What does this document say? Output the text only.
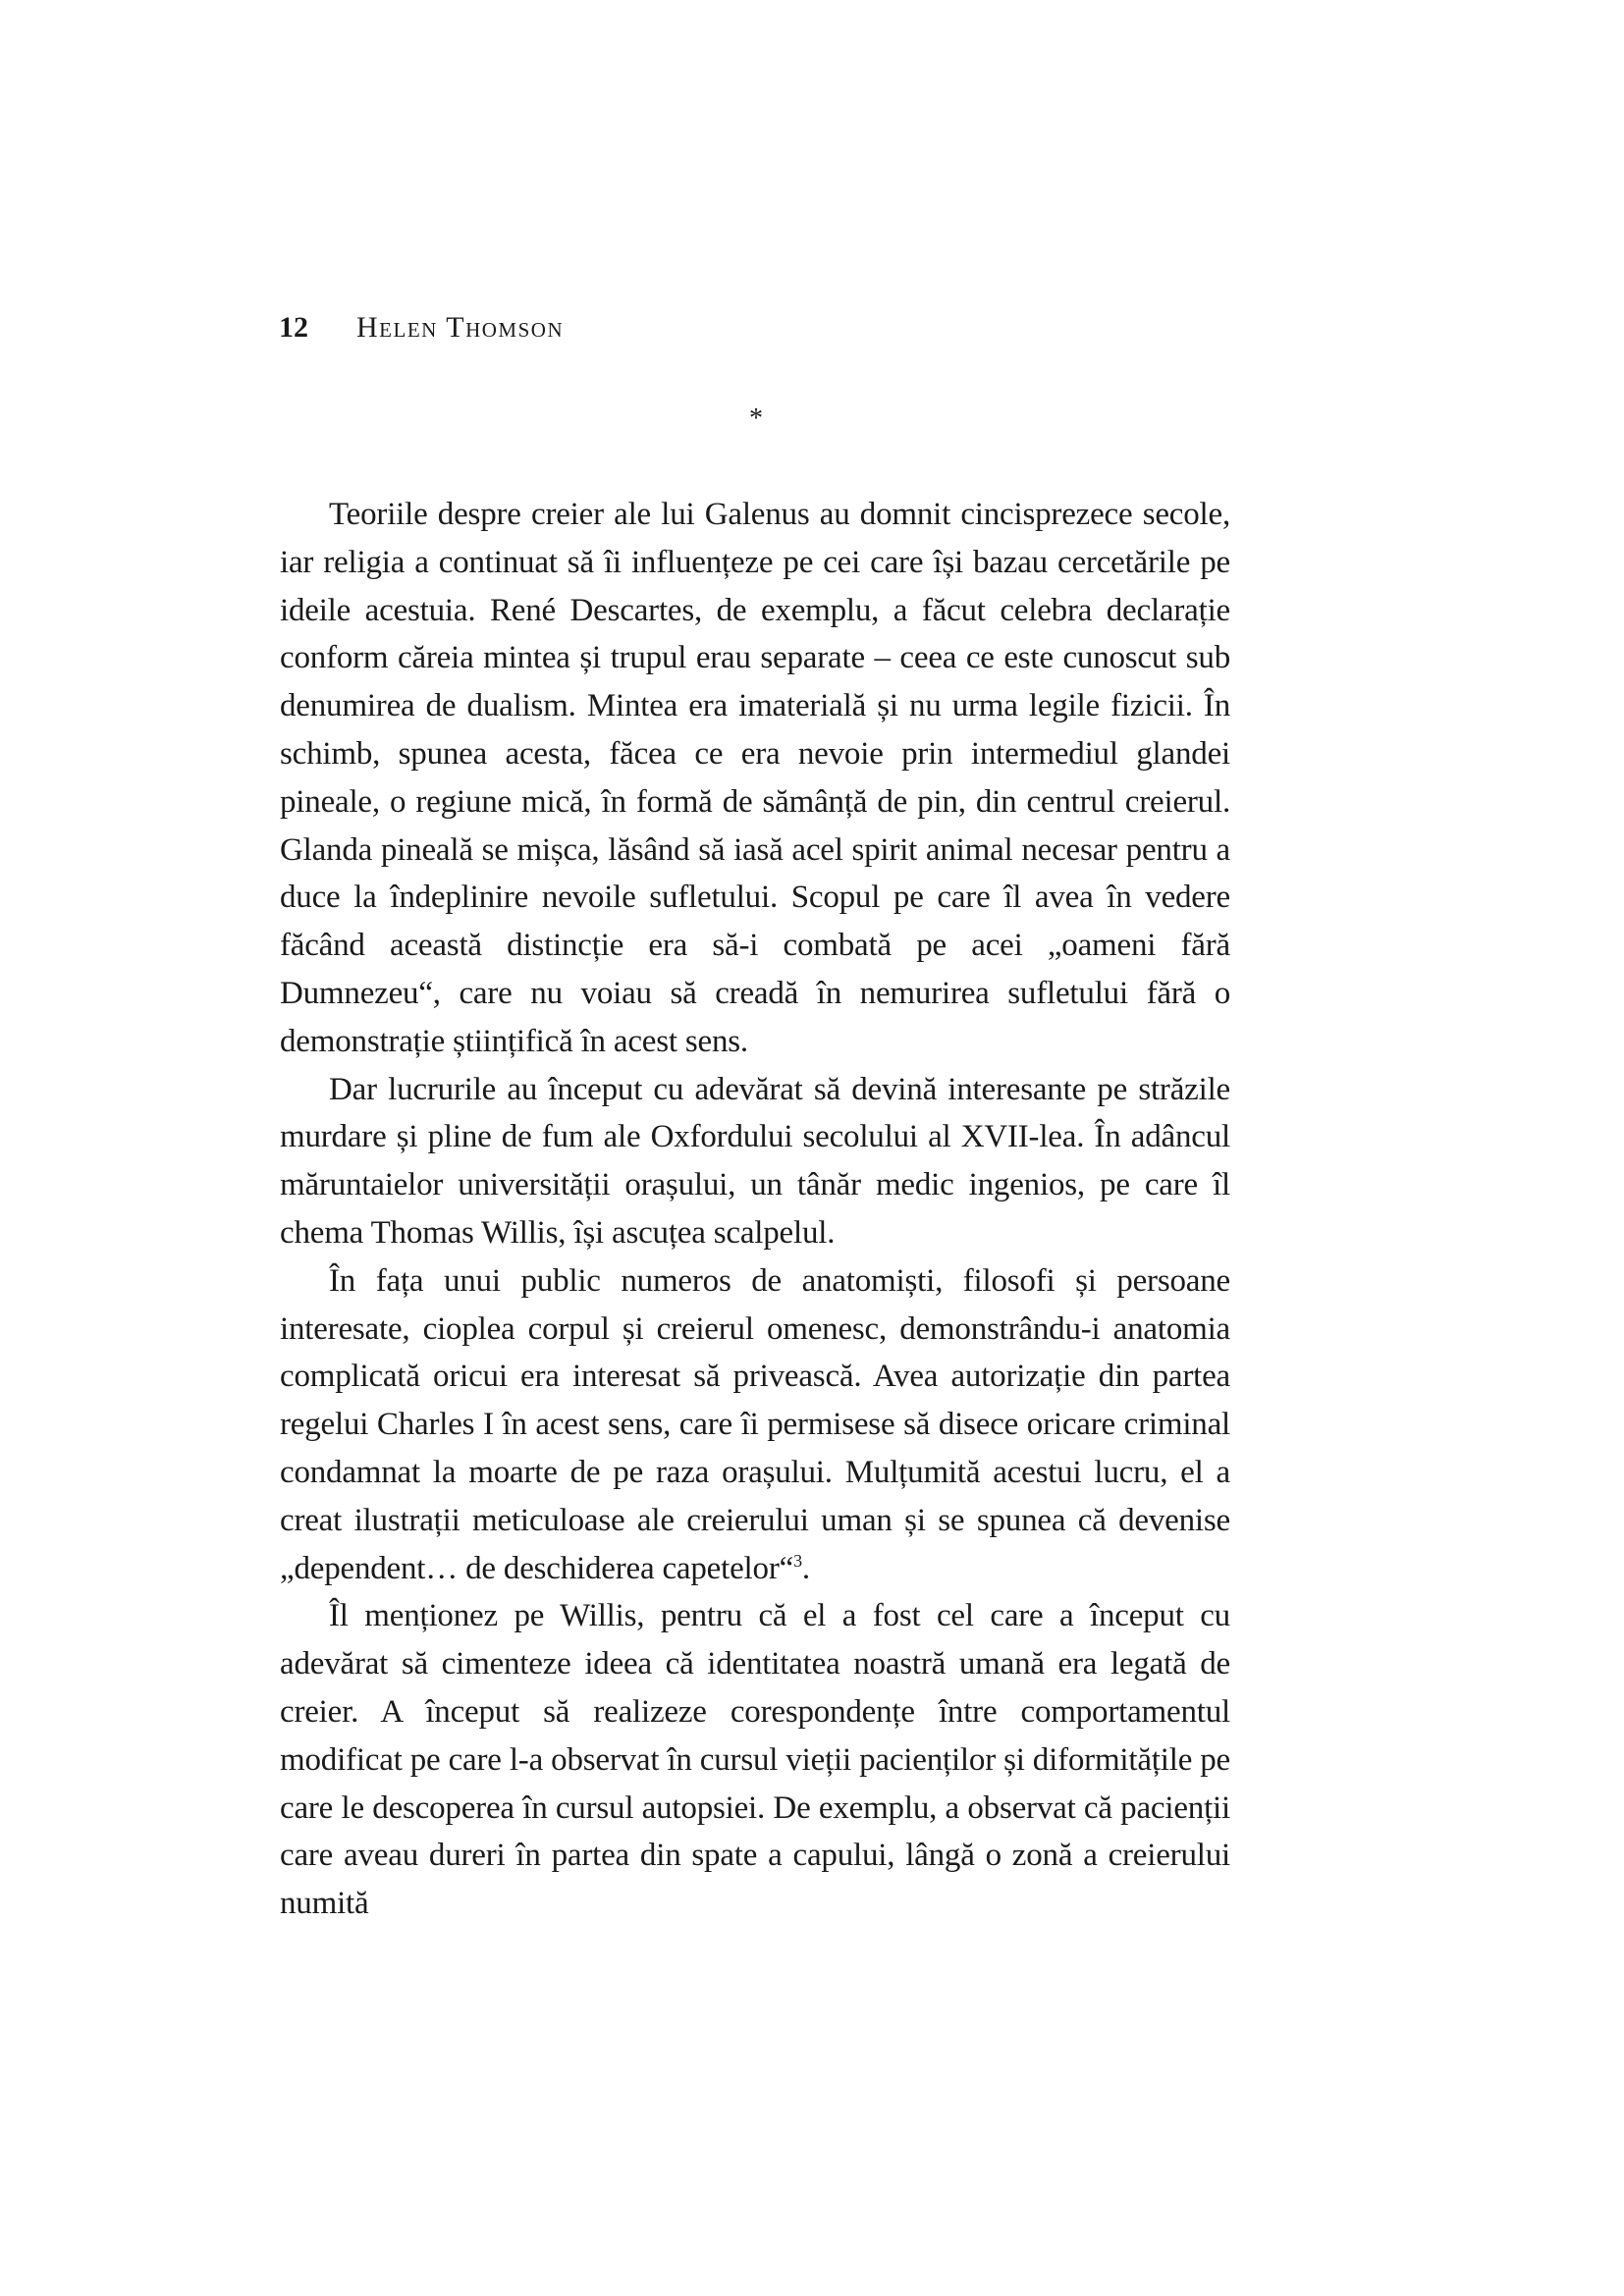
12 Helen Thomson
*

Teoriile despre creier ale lui Galenus au domnit cincisprezece secole, iar religia a continuat să îi influențeze pe cei care își bazau cercetările pe ideile acestuia. René Descartes, de exemplu, a făcut celebra declarație conform căreia mintea și trupul erau separate – ceea ce este cunoscut sub denumirea de dualism. Mintea era imaterială și nu urma legile fizicii. În schimb, spunea acesta, făcea ce era nevoie prin intermediul glandei pineale, o regiune mică, în formă de sămânță de pin, din centrul creierul. Glanda pineală se mișca, lăsând să iasă acel spirit animal necesar pentru a duce la îndeplinire nevoile sufletului. Scopul pe care îl avea în vedere făcând această distincție era să-i combată pe acei „oameni fără Dumnezeu“, care nu voiau să creadă în nemurirea sufletului fără o demonstrație științifică în acest sens.

Dar lucrurile au început cu adevărat să devină interesante pe străzile murdare și pline de fum ale Oxfordului secolului al XVII-lea. În adâncul măruntaielor universității orașului, un tânăr medic ingenios, pe care îl chema Thomas Willis, își ascuțea scalpelul.

În fața unui public numeros de anatomiști, filosofi și persoane interesate, cioplea corpul și creierul omenesc, demonstrându-i anatomia complicată oricui era interesat să privească. Avea autorizație din partea regelui Charles I în acest sens, care îi permisese să disece oricare criminal condamnat la moarte de pe raza orașului. Mulțumită acestui lucru, el a creat ilustrații meticuloase ale creierului uman și se spunea că devenise „dependent… de deschiderea capetelor“$^3$.

Îl menționez pe Willis, pentru că el a fost cel care a început cu adevărat să cimenteze ideea că identitatea noastră umană era legată de creier. A început să realizeze corespondențe între comportamentul modificat pe care l-a observat în cursul vieții pacienților și diformitățile pe care le descoperea în cursul autopsiei. De exemplu, a observat că pacienții care aveau dureri în partea din spate a capului, lângă o zonă a creierului numită
